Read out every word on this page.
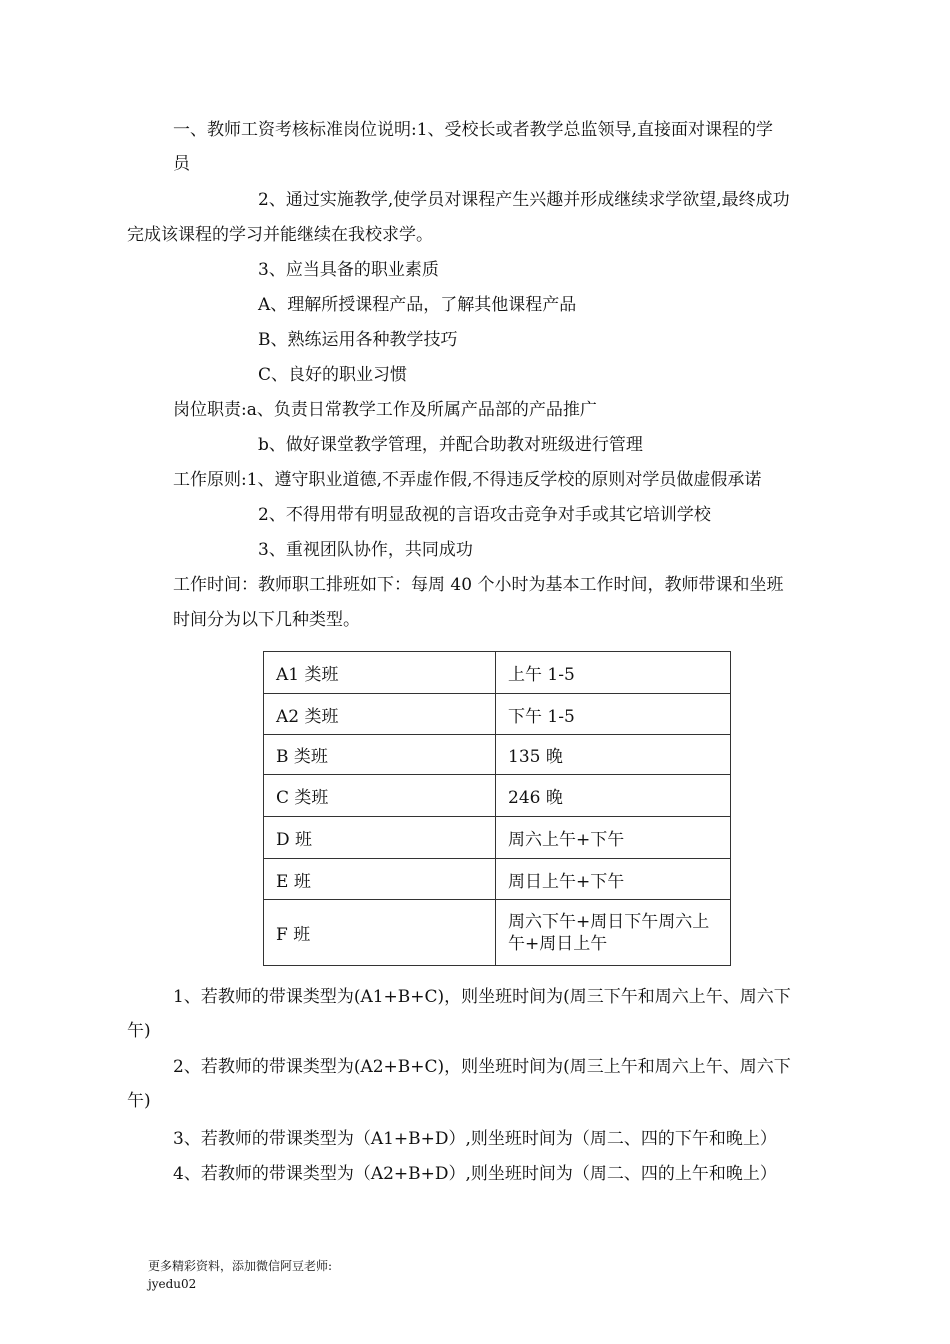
一、教师工资考核标准岗位说明:1、受校长或者教学总监领导,直接面对课程的学
员
2、通过实施教学,使学员对课程产生兴趣并形成继续求学欲望,最终成功
完成该课程的学习并能继续在我校求学。
3、应当具备的职业素质
A、理解所授课程产品，了解其他课程产品
B、熟练运用各种教学技巧
C、良好的职业习惯
岗位职责:a、负责日常教学工作及所属产品部的产品推广
b、做好课堂教学管理，并配合助教对班级进行管理
工作原则:1、遵守职业道德,不弄虚作假,不得违反学校的原则对学员做虚假承诺
2、不得用带有明显敌视的言语攻击竞争对手或其它培训学校
3、重视团队协作，共同成功
工作时间：教师职工排班如下：每周 40 个小时为基本工作时间，教师带课和坐班
时间分为以下几种类型。
A1 类班	上午 1-5
A2 类班	下午 1-5
B 类班	135 晚
C 类班	246 晚
D 班	周六上午+下午
E 班	周日上午+下午
F 班	周六下午+周日下午周六上午+周日上午
1、若教师的带课类型为(A1+B+C)，则坐班时间为(周三下午和周六上午、周六下
午)
2、若教师的带课类型为(A2+B+C)，则坐班时间为(周三上午和周六上午、周六下
午)
3、若教师的带课类型为（A1+B+D）,则坐班时间为（周二、四的下午和晚上）
4、若教师的带课类型为（A2+B+D）,则坐班时间为（周二、四的上午和晚上）
更多精彩资料，添加微信阿豆老师:
jyedu02
